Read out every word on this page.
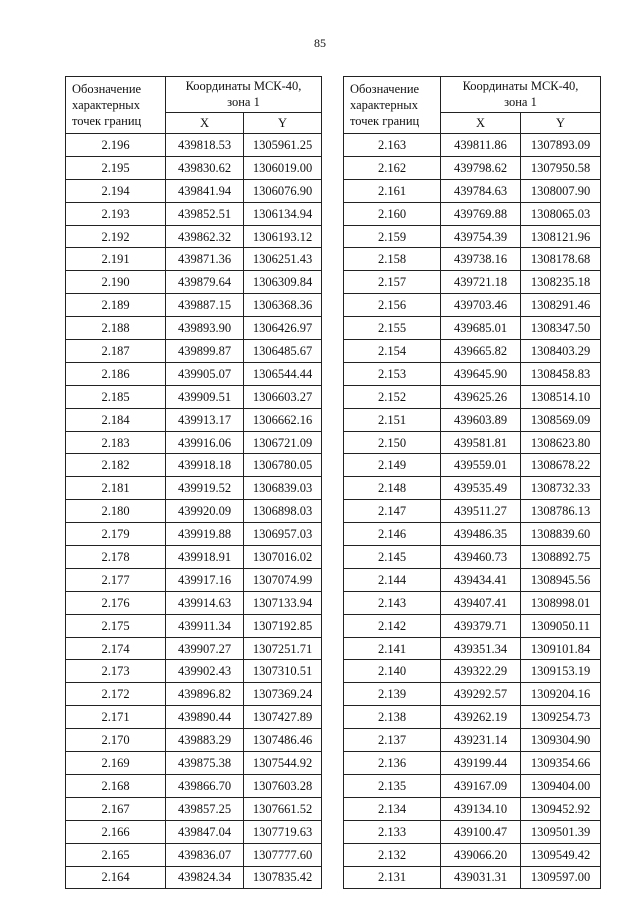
85
Обозначение
характерных
точек границ	Координаты МСК-40,
зона 1	
	X	Y
2.196	439818.53	1305961.25
2.195	439830.62	1306019.00
2.194	439841.94	1306076.90
2.193	439852.51	1306134.94
2.192	439862.32	1306193.12
2.191	439871.36	1306251.43
2.190	439879.64	1306309.84
2.189	439887.15	1306368.36
2.188	439893.90	1306426.97
2.187	439899.87	1306485.67
2.186	439905.07	1306544.44
2.185	439909.51	1306603.27
2.184	439913.17	1306662.16
2.183	439916.06	1306721.09
2.182	439918.18	1306780.05
2.181	439919.52	1306839.03
2.180	439920.09	1306898.03
2.179	439919.88	1306957.03
2.178	439918.91	1307016.02
2.177	439917.16	1307074.99
2.176	439914.63	1307133.94
2.175	439911.34	1307192.85
2.174	439907.27	1307251.71
2.173	439902.43	1307310.51
2.172	439896.82	1307369.24
2.171	439890.44	1307427.89
2.170	439883.29	1307486.46
2.169	439875.38	1307544.92
2.168	439866.70	1307603.28
2.167	439857.25	1307661.52
2.166	439847.04	1307719.63
2.165	439836.07	1307777.60
2.164	439824.34	1307835.42
Обозначение
характерных
точек границ	Координаты МСК-40,
зона 1	
	X	Y
2.163	439811.86	1307893.09
2.162	439798.62	1307950.58
2.161	439784.63	1308007.90
2.160	439769.88	1308065.03
2.159	439754.39	1308121.96
2.158	439738.16	1308178.68
2.157	439721.18	1308235.18
2.156	439703.46	1308291.46
2.155	439685.01	1308347.50
2.154	439665.82	1308403.29
2.153	439645.90	1308458.83
2.152	439625.26	1308514.10
2.151	439603.89	1308569.09
2.150	439581.81	1308623.80
2.149	439559.01	1308678.22
2.148	439535.49	1308732.33
2.147	439511.27	1308786.13
2.146	439486.35	1308839.60
2.145	439460.73	1308892.75
2.144	439434.41	1308945.56
2.143	439407.41	1308998.01
2.142	439379.71	1309050.11
2.141	439351.34	1309101.84
2.140	439322.29	1309153.19
2.139	439292.57	1309204.16
2.138	439262.19	1309254.73
2.137	439231.14	1309304.90
2.136	439199.44	1309354.66
2.135	439167.09	1309404.00
2.134	439134.10	1309452.92
2.133	439100.47	1309501.39
2.132	439066.20	1309549.42
2.131	439031.31	1309597.00
